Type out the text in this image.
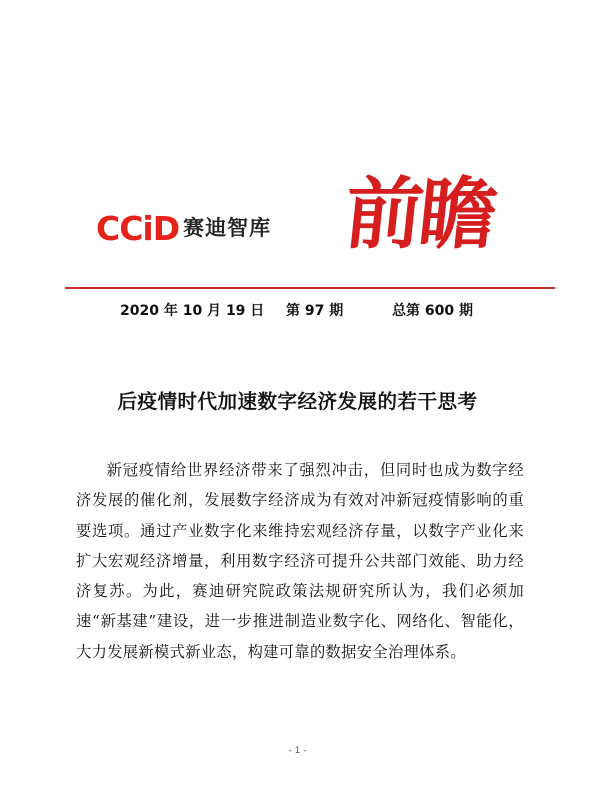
CCiD 赛迪智库 前瞻
2020 年 10 月 19 日 第 97 期	总第 600 期
后疫情时代加速数字经济发展的若干思考

新冠疫情给世界经济带来了强烈冲击，但同时也成为数字经济发展的催化剂，发展数字经济成为有效对冲新冠疫情影响的重要选项。通过产业数字化来维持宏观经济存量，以数字产业化来扩大宏观经济增量，利用数字经济可提升公共部门效能、助力经济复苏。为此，赛迪研究院政策法规研究所认为，我们必须加速“新基建”建设，进一步推进制造业数字化、网络化、智能化，大力发展新模式新业态，构建可靠的数据安全治理体系。

- 1 -
